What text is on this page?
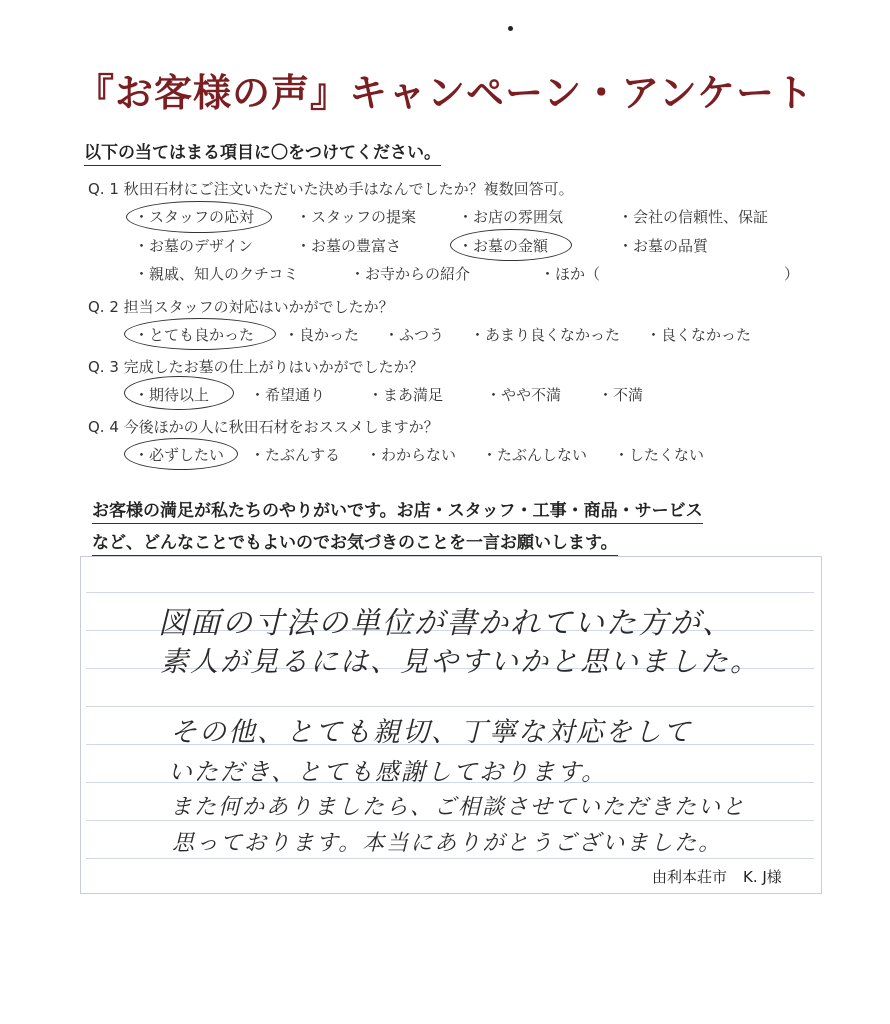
『お客様の声』キャンペーン・アンケート
以下の当てはまる項目に〇をつけてください。
Q. 1 秋田石材にご注文いただいた決め手はなんでしたか？複数回答可。
・スタッフの応対	・スタッフの提案	・お店の雰囲気	・会社の信頼性、保証
・お墓のデザイン	・お墓の豊富さ	・お墓の金額	・お墓の品質
・親戚、知人のクチコミ	・お寺からの紹介	・ほか（	）
Q. 2 担当スタッフの対応はいかがでしたか？
・とても良かった ・良かった ・ふつう ・あまり良くなかった ・良くなかった
Q. 3 完成したお墓の仕上がりはいかがでしたか？
・期待以上	・希望通り	・まあ満足	・やや不満 ・不満
Q. 4 今後ほかの人に秋田石材をおススメしますか？
・必ずしたい ・たぶんする ・わからない ・たぶんしない ・したくない
お客様の満足が私たちのやりがいです。お店・スタッフ・工事・商品・サービス
など、どんなことでもよいのでお気づきのことを一言お願いします。
図面の寸法の単位が書かれていた方が、
素人が見るには、見やすいかと思いました。
その他、とても親切、丁寧な対応をして
いただき、とても感謝しております。
また何かありましたら、ご相談させていただきたいと
思っております。本当にありがとうございました。
由利本荘市 K. J様
